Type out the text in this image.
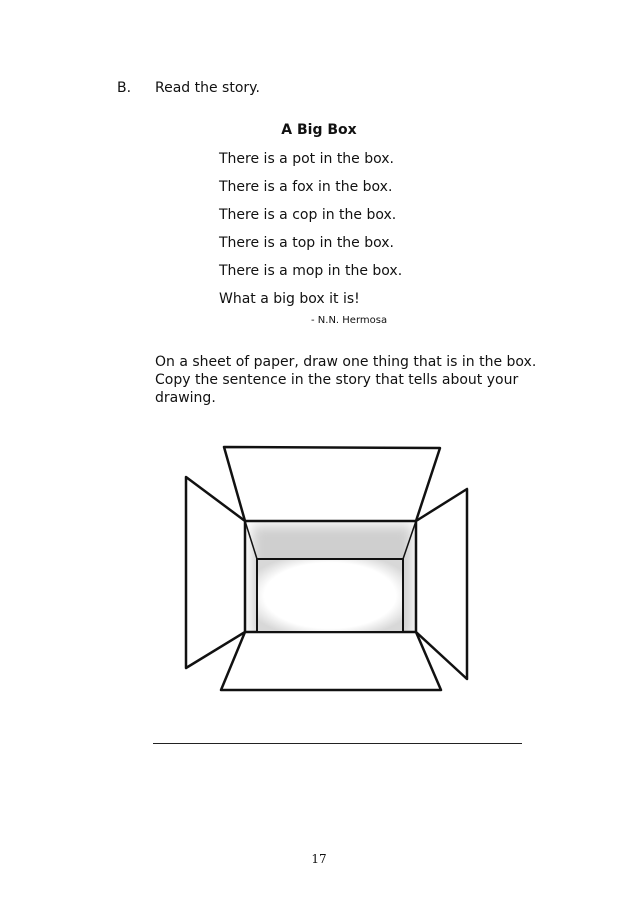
B. Read the story.
A Big Box
There is a pot in the box.
There is a fox in the box.
There is a cop in the box.
There is a top in the box.
There is a mop in the box.
What a big box it is!
- N.N. Hermosa

On a sheet of paper, draw one thing that is in the box.

Copy the sentence in the story that tells about your

drawing.

17
